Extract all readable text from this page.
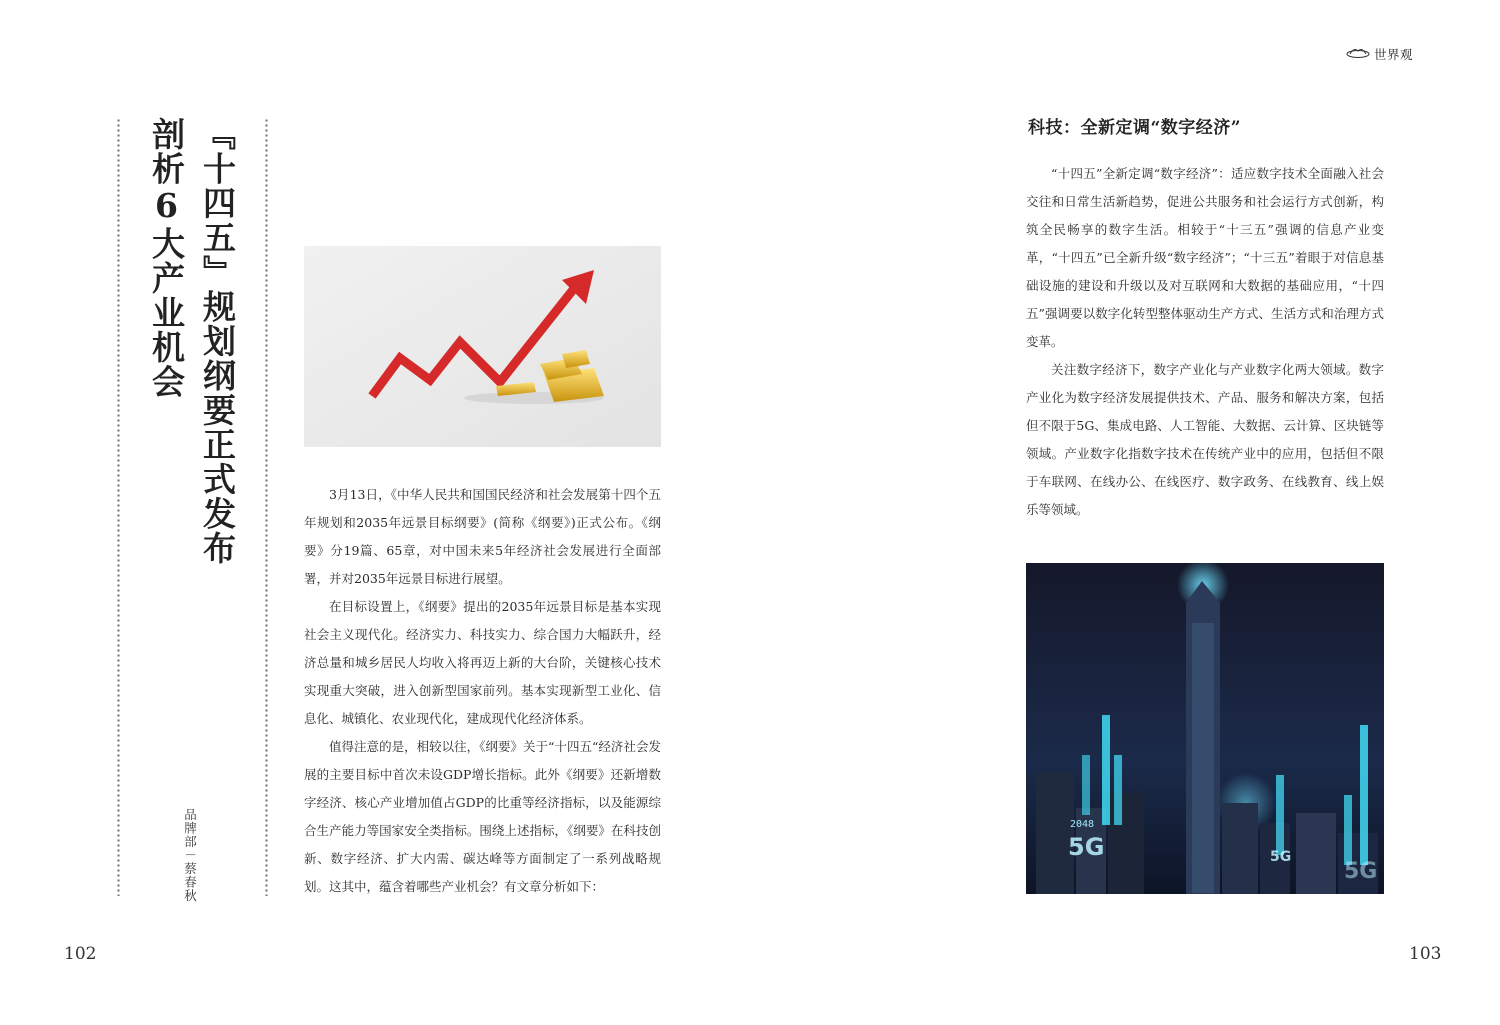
世界观
『十四五』规划纲要正式发布
剖析6大产业机会
品牌部－蔡春秋

3月13日，《中华人民共和国国民经济和社会发展第十四个五年规划和2035年远景目标纲要》(简称《纲要》)正式公布。《纲要》分19篇、65章，对中国未来5年经济社会发展进行全面部署，并对2035年远景目标进行展望。

在目标设置上，《纲要》提出的2035年远景目标是基本实现社会主义现代化。经济实力、科技实力、综合国力大幅跃升，经济总量和城乡居民人均收入将再迈上新的大台阶，关键核心技术实现重大突破，进入创新型国家前列。基本实现新型工业化、信息化、城镇化、农业现代化，建成现代化经济体系。

值得注意的是，相较以往，《纲要》关于“十四五“经济社会发展的主要目标中首次未设GDP增长指标。此外《纲要》还新增数字经济、核心产业增加值占GDP的比重等经济指标，以及能源综合生产能力等国家安全类指标。围绕上述指标，《纲要》在科技创新、数字经济、扩大内需、碳达峰等方面制定了一系列战略规划。这其中，蕴含着哪些产业机会？有文章分析如下：

科技：全新定调“数字经济”

“十四五”全新定调“数字经济”：适应数字技术全面融入社会交往和日常生活新趋势，促进公共服务和社会运行方式创新，构筑全民畅享的数字生活。相较于“十三五”强调的信息产业变革，“十四五”已全新升级“数字经济”；“十三五”着眼于对信息基础设施的建设和升级以及对互联网和大数据的基础应用，“十四五”强调要以数字化转型整体驱动生产方式、生活方式和治理方式变革。

关注数字经济下，数字产业化与产业数字化两大领域。数字产业化为数字经济发展提供技术、产品、服务和解决方案，包括但不限于5G、集成电路、人工智能、大数据、云计算、区块链等领域。产业数字化指数字技术在传统产业中的应用，包括但不限于车联网、在线办公、在线医疗、数字政务、在线教育、线上娱乐等领域。

2048
5G	5G
5G
102	103
